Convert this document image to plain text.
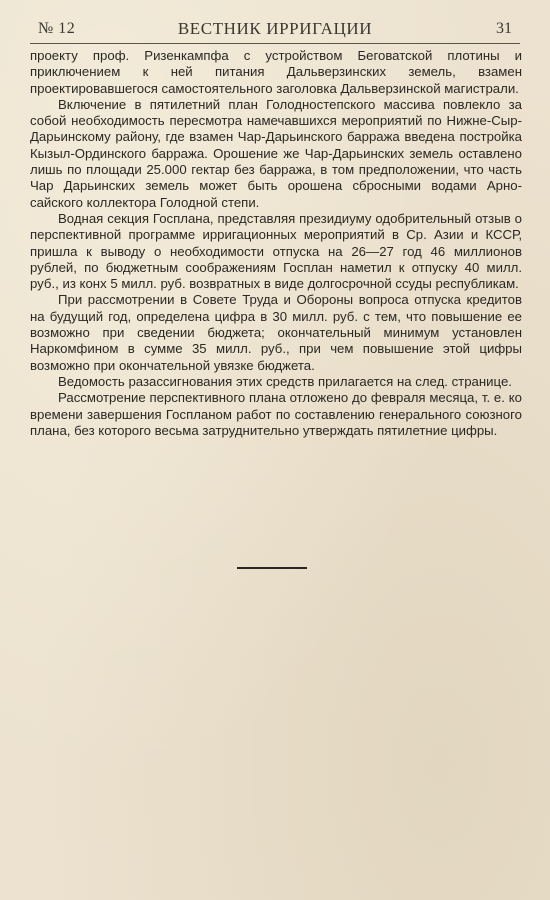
№ 12	ВЕСТНИК ИРРИГАЦИИ	31

проекту проф. Ризенкампфа с устройством Беговатской плотины и приключением к ней питания Дальверзинских земель, взамен проектировавшегося самостоятельного заголовка Дальверзинской магистрали.

Включение в пятилетний план Голодностепского массива повлекло за собой необходимость пересмотра намечавшихся мероприятий по Нижне-Сыр-Дарьинскому району, где взамен Чар-Дарьинского барража введена постройка Кызыл-Ординского барража. Орошение же Чар-Дарьинских земель оставлено лишь по площади 25.000 гектар без барража, в том предположении, что часть Чар Дарьинских земель может быть орошена сбросными водами Арно-сайского коллектора Голодной степи.

Водная секция Госплана, представляя президиуму одобрительный отзыв о перспективной программе ирригационных мероприятий в Ср. Азии и КССР, пришла к выводу о необходимости отпуска на 26—27 год 46 миллионов рублей, по бюджетным соображениям Госплан наметил к отпуску 40 милл. руб., из конх 5 милл. руб. возвратных в виде долгосрочной ссуды республикам.

При рассмотрении в Совете Труда и Обороны вопроса отпуска кредитов на будущий год, определена цифра в 30 милл. руб. с тем, что повышение ее возможно при сведении бюджета; окончательный минимум установлен Наркомфином в сумме 35 милл. руб., при чем повышение этой цифры возможно при окончательной увязке бюджета.

Ведомость разассигнования этих средств прилагается на след. странице.

Рассмотрение перспективного плана отложено до февраля месяца, т. е. ко времени завершения Госпланом работ по составлению генерального союзного плана, без которого весьма затруднительно утверждать пятилетние цифры.
